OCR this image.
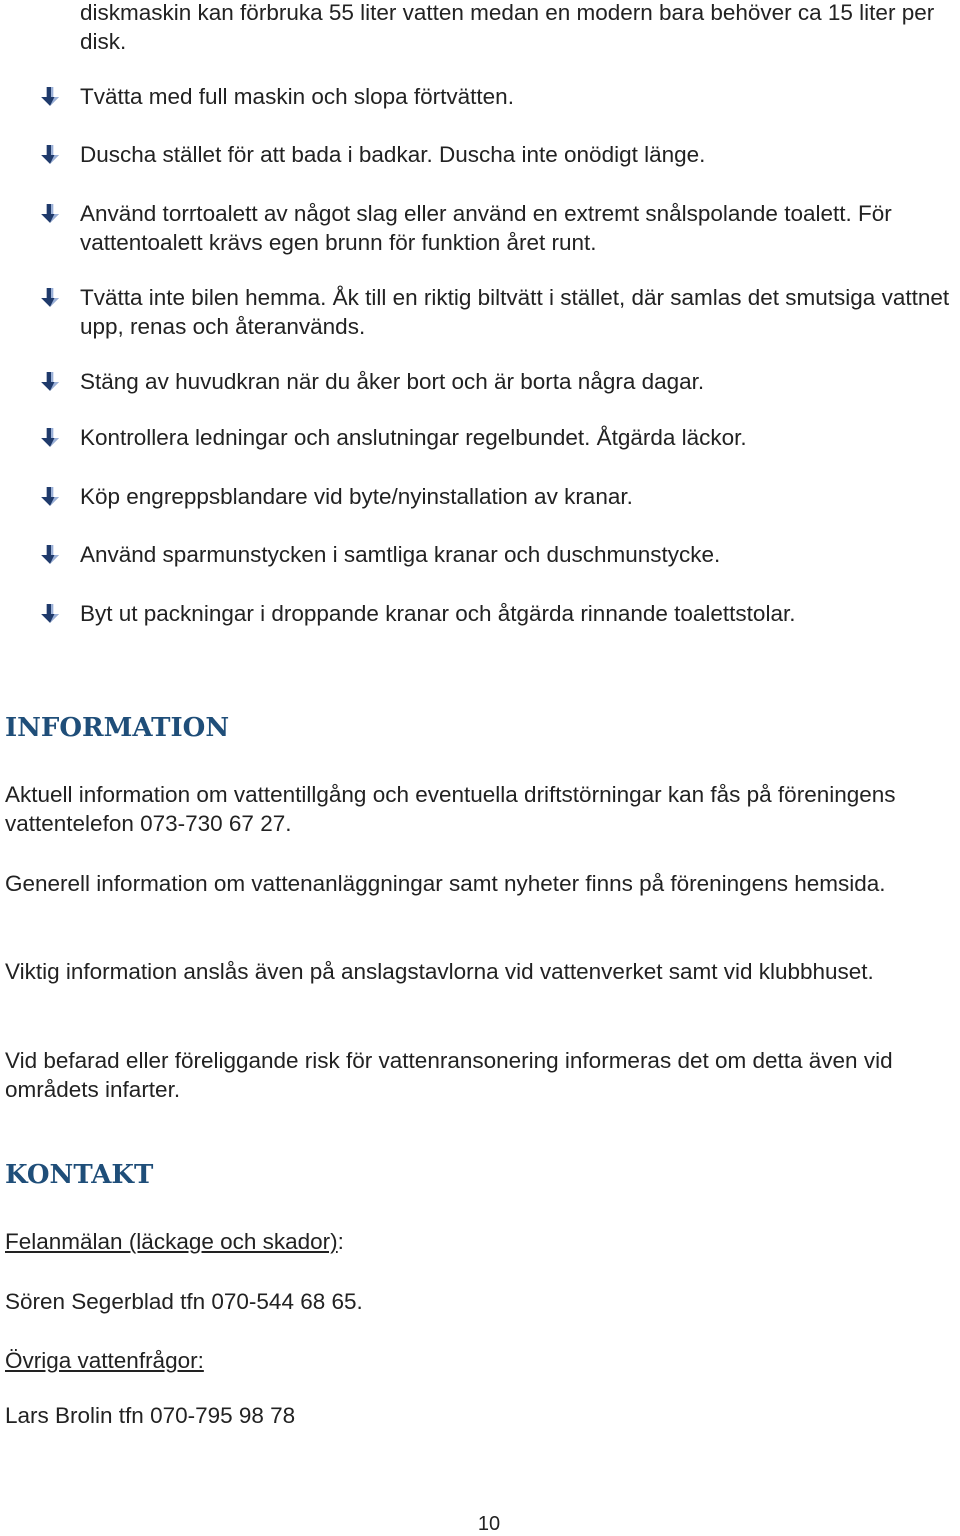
diskmaskin kan förbruka 55 liter vatten medan en modern bara behöver ca 15 liter per disk.
Tvätta med full maskin och slopa förtvätten.
Duscha stället för att bada i badkar. Duscha inte onödigt länge.
Använd torrtoalett av något slag eller använd en extremt snålspolande toalett. För vattentoalett krävs egen brunn för funktion året runt.
Tvätta inte bilen hemma. Åk till en riktig biltvätt i stället, där samlas det smutsiga vattnet upp, renas och återanvänds.
Stäng av huvudkran när du åker bort och är borta några dagar.
Kontrollera ledningar och anslutningar regelbundet. Åtgärda läckor.
Köp engreppsblandare vid byte/nyinstallation av kranar.
Använd sparmunstycken i samtliga kranar och duschmunstycke.
Byt ut packningar i droppande kranar och åtgärda rinnande toalettstolar.
INFORMATION
Aktuell information om vattentillgång och eventuella driftstörningar kan fås på föreningens vattentelefon 073-730 67 27.
Generell information om vattenanläggningar samt nyheter finns på föreningens hemsida.
Viktig information anslås även på anslagstavlorna vid vattenverket samt vid klubbhuset.
Vid befarad eller föreliggande risk för vattenransonering informeras det om detta även vid områdets infarter.
KONTAKT
Felanmälan (läckage och skador):
Sören Segerblad tfn 070-544 68 65.
Övriga vattenfrågor:
Lars Brolin tfn 070-795 98 78
10
